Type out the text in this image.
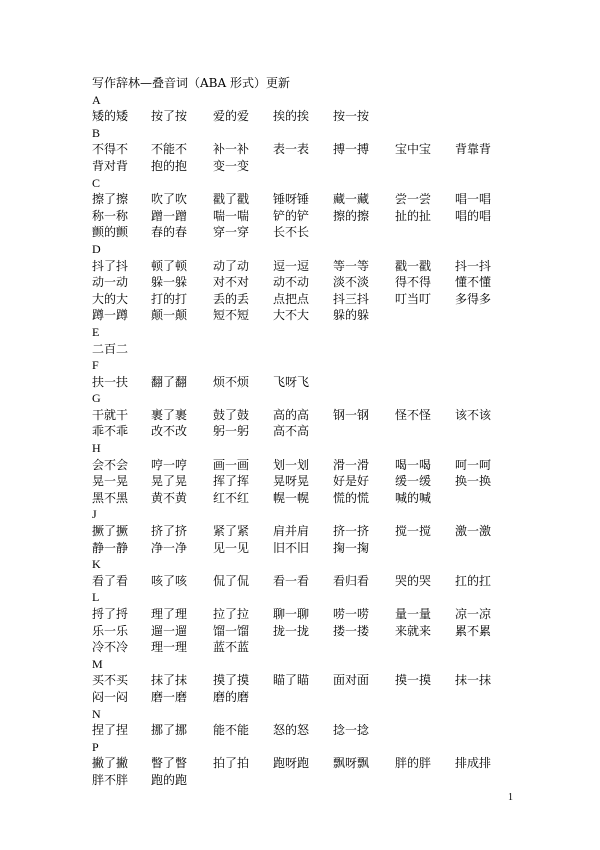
写作辞林—叠音词（ABA 形式）更新
A
矮的矮 按了按 爱的爱 挨的挨 按一按
B
不得不 不能不 补一补 表一表 搏一搏 宝中宝 背靠背
背对背 抱的抱 变一变
C
擦了擦 吹了吹 戳了戳 锤呀锤 藏一藏 尝一尝 唱一唱
称一称 蹭一蹭 喘一喘 铲的铲 擦的擦 扯的扯 唱的唱
颤的颤 春的春 穿一穿 长不长
D
抖了抖 顿了顿 动了动 逗一逗 等一等 戳一戳 抖一抖
动一动 躲一躲 对不对 动不动 淡不淡 得不得 懂不懂
大的大 打的打 丢的丢 点把点 抖三抖 叮当叮 多得多
蹲一蹲 颠一颠 短不短 大不大 躲的躲
E
二百二
F
扶一扶 翻了翻 烦不烦 飞呀飞
G
干就干 裹了裹 鼓了鼓 高的高 钢一钢 怪不怪 该不该
乖不乖 改不改 躬一躬 高不高
H
会不会 哼一哼 画一画 划一划 滑一滑 喝一喝 呵一呵
晃一晃 晃了晃 挥了挥 晃呀晃 好是好 缓一缓 换一换
黑不黑 黄不黄 红不红 幌一幌 慌的慌 喊的喊
J
撅了撅 挤了挤 紧了紧 肩并肩 挤一挤 搅一搅 激一激
静一静 净一净 见一见 旧不旧 掬一掬
K
看了看 咳了咳 侃了侃 看一看 看归看 哭的哭 扛的扛
L
捋了捋 理了理 拉了拉 聊一聊 唠一唠 量一量 凉一凉
乐一乐 遛一遛 馏一馏 拢一拢 搂一搂 来就来 累不累
冷不冷 理一理 蓝不蓝
M
买不买 抹了抹 摸了摸 瞄了瞄 面对面 摸一摸 抹一抹
闷一闷 磨一磨 磨的磨
N
捏了捏 挪了挪 能不能 怒的怒 捻一捻
P
撇了撇 瞥了瞥 拍了拍 跑呀跑 飘呀飘 胖的胖 排成排
胖不胖 跑的跑
1
